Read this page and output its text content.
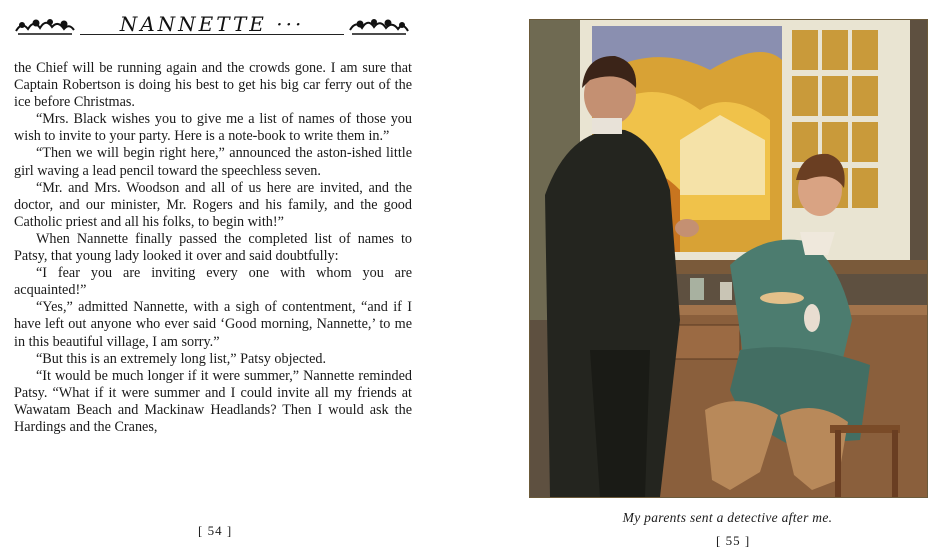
NANNETTE ···

the Chief will be running again and the crowds gone. I am sure that Captain Robertson is doing his best to get his big car ferry out of the ice before Christmas.

“Mrs. Black wishes you to give me a list of names of those you wish to invite to your party. Here is a note-book to write them in.”

“Then we will begin right here,” announced the aston-ished little girl waving a lead pencil toward the speechless seven.

“Mr. and Mrs. Woodson and all of us here are invited, and the doctor, and our minister, Mr. Rogers and his family, and the good Catholic priest and all his folks, to begin with!”

When Nannette finally passed the completed list of names to Patsy, that young lady looked it over and said doubtfully:

“I fear you are inviting every one with whom you are acquainted!”

“Yes,” admitted Nannette, with a sigh of contentment, “and if I have left out anyone who ever said ‘Good morning, Nannette,’ to me in this beautiful village, I am sorry.”

“But this is an extremely long list,” Patsy objected.

“It would be much longer if it were summer,” Nannette reminded Patsy. “What if it were summer and I could invite all my friends at Wawatam Beach and Mackinaw Headlands? Then I would ask the Hardings and the Cranes,

[ 54 ]
My parents sent a detective after me.
[ 55 ]
